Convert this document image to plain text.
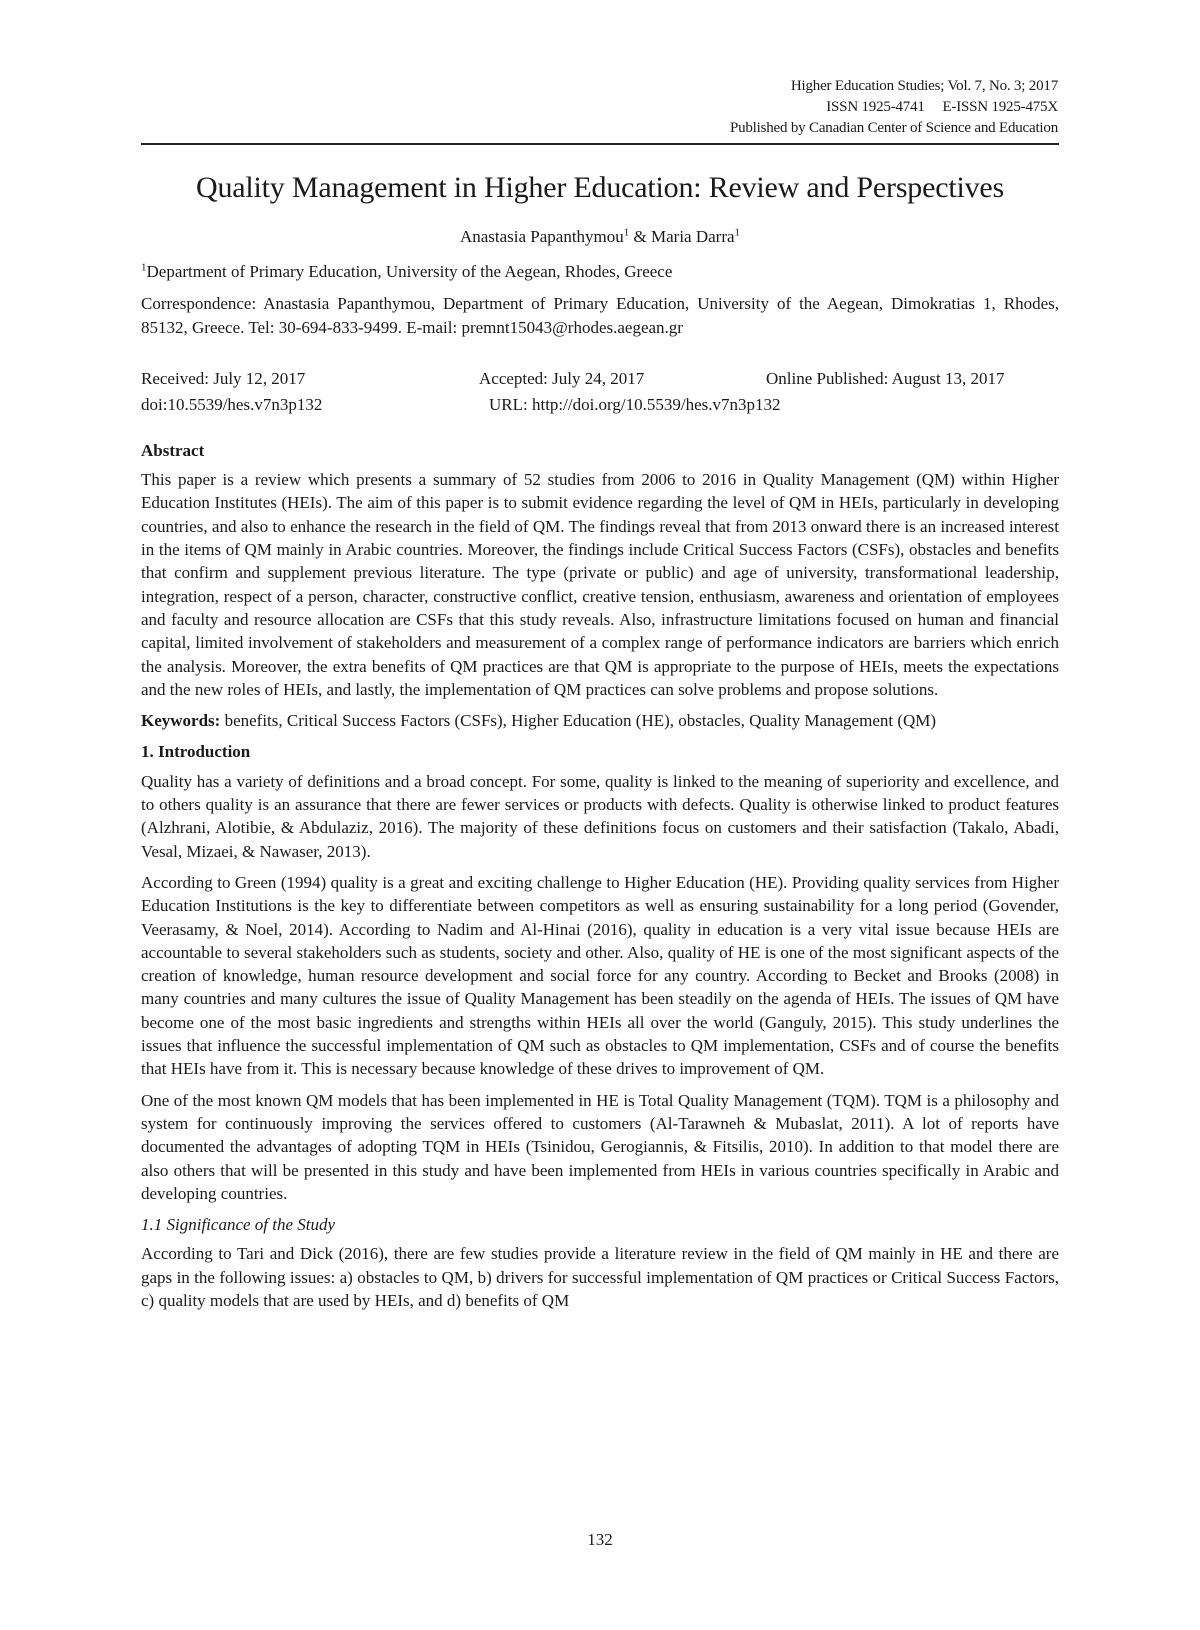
Higher Education Studies; Vol. 7, No. 3; 2017
ISSN 1925-4741     E-ISSN 1925-475X
Published by Canadian Center of Science and Education
Quality Management in Higher Education: Review and Perspectives
Anastasia Papanthymou$^1$ & Maria Darra$^1$

$^1$Department of Primary Education, University of the Aegean, Rhodes, Greece

Correspondence: Anastasia Papanthymou, Department of Primary Education, University of the Aegean, Dimokratias 1, Rhodes, 85132, Greece. Tel: 30-694-833-9499. E-mail: premnt15043@rhodes.aegean.gr

Received: July 12, 2017	Accepted: July 24, 2017	Online Published: August 13, 2017
doi:10.5539/hes.v7n3p132	URL: http://doi.org/10.5539/hes.v7n3p132

Abstract

This paper is a review which presents a summary of 52 studies from 2006 to 2016 in Quality Management (QM) within Higher Education Institutes (HEIs). The aim of this paper is to submit evidence regarding the level of QM in HEIs, particularly in developing countries, and also to enhance the research in the field of QM. The findings reveal that from 2013 onward there is an increased interest in the items of QM mainly in Arabic countries. Moreover, the findings include Critical Success Factors (CSFs), obstacles and benefits that confirm and supplement previous literature. The type (private or public) and age of university, transformational leadership, integration, respect of a person, character, constructive conflict, creative tension, enthusiasm, awareness and orientation of employees and faculty and resource allocation are CSFs that this study reveals. Also, infrastructure limitations focused on human and financial capital, limited involvement of stakeholders and measurement of a complex range of performance indicators are barriers which enrich the analysis. Moreover, the extra benefits of QM practices are that QM is appropriate to the purpose of HEIs, meets the expectations and the new roles of HEIs, and lastly, the implementation of QM practices can solve problems and propose solutions.

Keywords: benefits, Critical Success Factors (CSFs), Higher Education (HE), obstacles, Quality Management (QM)

1. Introduction

Quality has a variety of definitions and a broad concept. For some, quality is linked to the meaning of superiority and excellence, and to others quality is an assurance that there are fewer services or products with defects. Quality is otherwise linked to product features (Alzhrani, Alotibie, & Abdulaziz, 2016). The majority of these definitions focus on customers and their satisfaction (Takalo, Abadi, Vesal, Mizaei, & Nawaser, 2013).

According to Green (1994) quality is a great and exciting challenge to Higher Education (HE). Providing quality services from Higher Education Institutions is the key to differentiate between competitors as well as ensuring sustainability for a long period (Govender, Veerasamy, & Noel, 2014). According to Nadim and Al-Hinai (2016), quality in education is a very vital issue because HEIs are accountable to several stakeholders such as students, society and other. Also, quality of HE is one of the most significant aspects of the creation of knowledge, human resource development and social force for any country. According to Becket and Brooks (2008) in many countries and many cultures the issue of Quality Management has been steadily on the agenda of HEIs. The issues of QM have become one of the most basic ingredients and strengths within HEIs all over the world (Ganguly, 2015). This study underlines the issues that influence the successful implementation of QM such as obstacles to QM implementation, CSFs and of course the benefits that HEIs have from it. This is necessary because knowledge of these drives to improvement of QM.

One of the most known QM models that has been implemented in HE is Total Quality Management (TQM). TQM is a philosophy and system for continuously improving the services offered to customers (Al-Tarawneh & Mubaslat, 2011). A lot of reports have documented the advantages of adopting TQM in HEIs (Tsinidou, Gerogiannis, & Fitsilis, 2010). In addition to that model there are also others that will be presented in this study and have been implemented from HEIs in various countries specifically in Arabic and developing countries.

1.1 Significance of the Study

According to Tari and Dick (2016), there are few studies provide a literature review in the field of QM mainly in HE and there are gaps in the following issues: a) obstacles to QM, b) drivers for successful implementation of QM practices or Critical Success Factors, c) quality models that are used by HEIs, and d) benefits of QM

132
